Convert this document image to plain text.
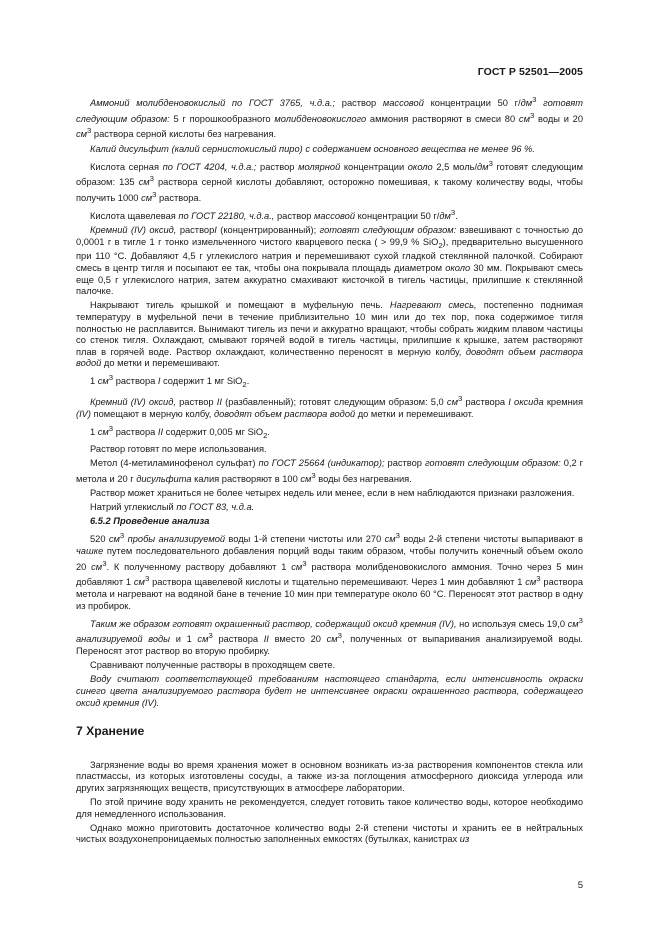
ГОСТ Р 52501—2005

Аммоний молибденовокислый по ГОСТ 3765, ч.д.а.; раствор массовой концентрации 50 $г/дм^3$ готовят следующим образом: 5 г порошкообразного молибденовокислого аммония растворяют в смеси 80 $см^3$ воды и 20 $см^3$ раствора серной кислоты без нагревания.

Калий дисульфит (калий сернистокислый пиро) с содержанием основного вещества не менее 96 %.

Кислота серная по ГОСТ 4204, ч.д.а.; раствор молярной концентрации около 2,5 моль/$дм^3$ готовят следующим образом: 135 $см^3$ раствора серной кислоты добавляют, осторожно помешивая, к такому количеству воды, чтобы получить 1000 $см^3$ раствора.

Кислота щавелевая по ГОСТ 22180, ч.д.а., раствор массовой концентрации 50 $г/дм^3$.

Кремний (IV) оксид, растворI (концентрированный); готовят следующим образом: взвешивают с точностью до 0,0001 г в тигле 1 г тонко измельченного чистого кварцевого песка ( > 99,9 % SiO$_2$), предварительно высушенного при 110 °С. Добавляют 4,5 г углекислого натрия и перемешивают сухой гладкой стеклянной палочкой. Собирают смесь в центр тигля и посыпают ее так, чтобы она покрывала площадь диаметром около 30 мм. Покрывают смесь еще 0,5 г углекислого натрия, затем аккуратно смахивают кисточкой в тигель частицы, прилипшие к стеклянной палочке.

Накрывают тигель крышкой и помещают в муфельную печь. Нагревают смесь, постепенно поднимая температуру в муфельной печи в течение приблизительно 10 мин или до тех пор, пока содержимое тигля полностью не расплавится. Вынимают тигель из печи и аккуратно вращают, чтобы собрать жидким плавом частицы со стенок тигля. Охлаждают, смывают горячей водой в тигель частицы, прилипшие к крышке, затем растворяют плав в горячей воде. Раствор охлаждают, количественно переносят в мерную колбу, доводят объем раствора водой до метки и перемешивают.

1 $см^3$ раствора I содержит 1 мг SiO$_2$.

Кремний (IV) оксид, раствор II (разбавленный); готовят следующим образом: 5,0 $см^3$ раствора I оксида кремния (IV) помещают в мерную колбу, доводят объем раствора водой до метки и перемешивают.

1 $см^3$ раствора II содержит 0,005 мг SiO$_2$.

Раствор готовят по мере использования.

Метол (4-метиламинофенол сульфат) по ГОСТ 25664 (индикатор); раствор готовят следующим образом: 0,2 г метола и 20 г дисульфита калия растворяют в 100 $см^3$ воды без нагревания.

Раствор может храниться не более четырех недель или менее, если в нем наблюдаются признаки разложения.

Натрий углекислый по ГОСТ 83, ч.д.а.

6.5.2 Проведение анализа

520 $см^3$ пробы анализируемой воды 1-й степени чистоты или 270 $см^3$ воды 2-й степени чистоты выпаривают в чашке путем последовательного добавления порций воды таким образом, чтобы получить конечный объем около 20 $см^3$. К полученному раствору добавляют 1 $см^3$ раствора молибденовокислого аммония. Точно через 5 мин добавляют 1 $см^3$ раствора щавелевой кислоты и тщательно перемешивают. Через 1 мин добавляют 1 $см^3$ раствора метола и нагревают на водяной бане в течение 10 мин при температуре около 60 °С. Переносят этот раствор в одну из пробирок.

Таким же образом готовят окрашенный раствор, содержащий оксид кремния (IV), но используя смесь 19,0 $см^3$ анализируемой воды и 1 $см^3$ раствора II вместо 20 $см^3$, полученных от выпаривания анализируемой воды. Переносят этот раствор во вторую пробирку.

Сравнивают полученные растворы в проходящем свете.

Воду считают соответствующей требованиям настоящего стандарта, если интенсивность окраски синего цвета анализируемого раствора будет не интенсивнее окраски окрашенного раствора, содержащего оксид кремния (IV).

7 Хранение

Загрязнение воды во время хранения может в основном возникать из-за растворения компонентов стекла или пластмассы, из которых изготовлены сосуды, а также из-за поглощения атмосферного диоксида углерода или других загрязняющих веществ, присутствующих в атмосфере лаборатории.

По этой причине воду хранить не рекомендуется, следует готовить такое количество воды, которое необходимо для немедленного использования.

Однако можно приготовить достаточное количество воды 2-й степени чистоты и хранить ее в нейтральных чистых воздухонепроницаемых полностью заполненных емкостях (бутылках, канистрах из

5
